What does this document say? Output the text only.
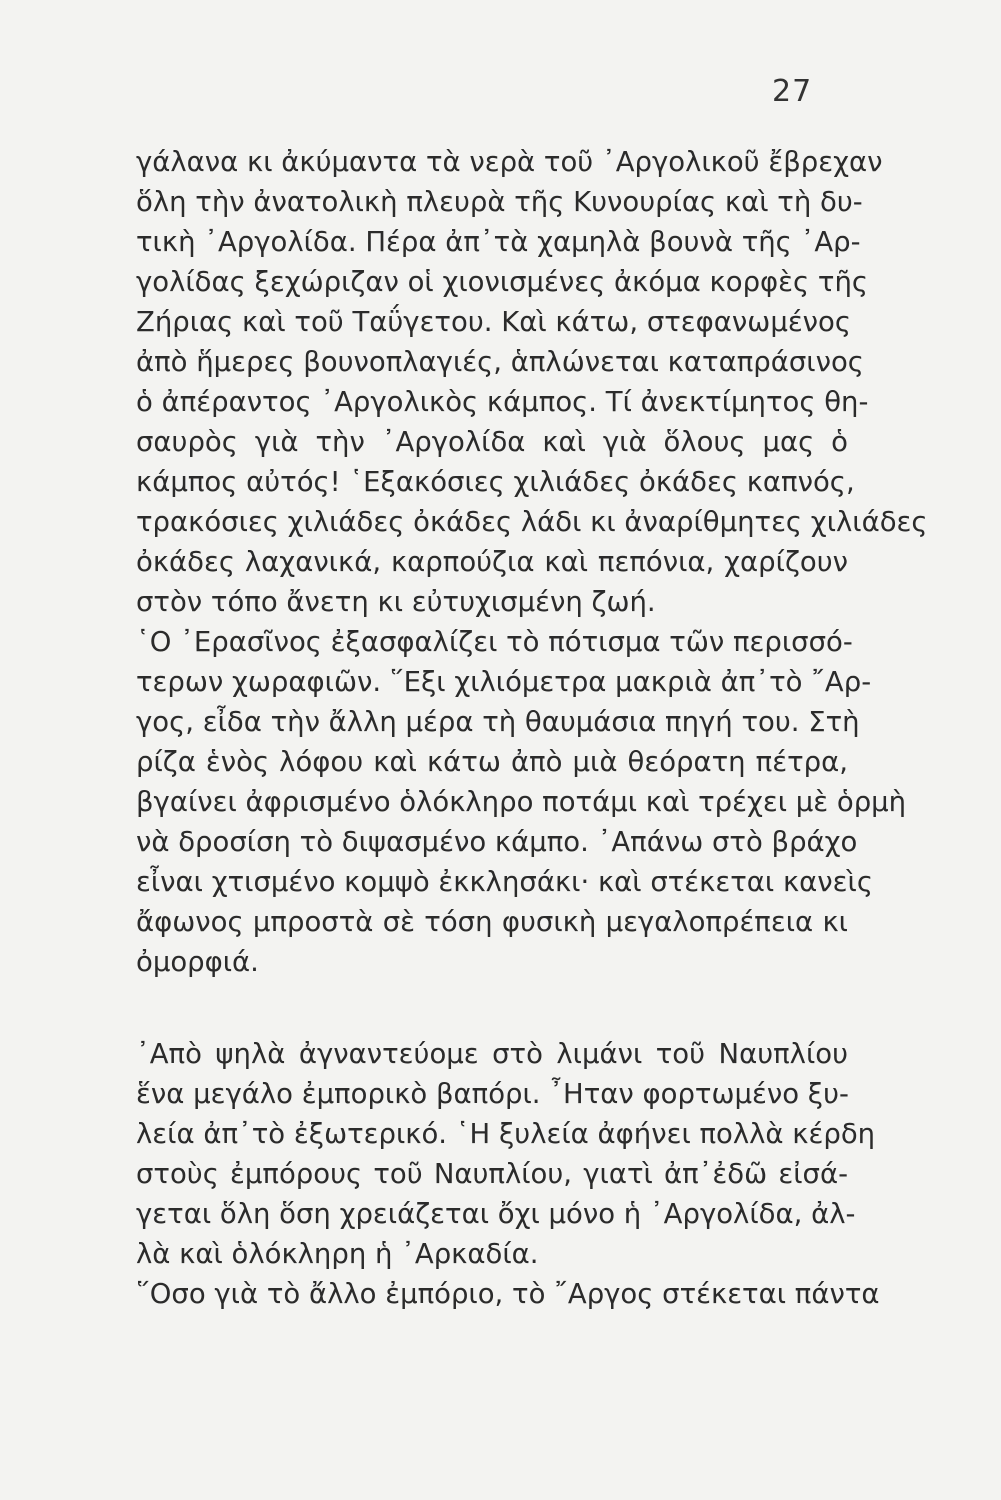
27
γάλανα κι ἀκύμαντα τὰ νερὰ τοῦ ᾿Αργολικοῦ ἔβρεχαν
ὅλη τὴν ἀνατολικὴ πλευρὰ τῆς Κυνουρίας καὶ τὴ δυ-
τικὴ ᾿Αργολίδα. Πέρα ἀπ᾿τὰ χαμηλὰ βουνὰ τῆς ᾿Αρ-
γολίδας ξεχώριζαν οἱ χιονισμένες ἀκόμα κορφὲς τῆς
Ζήριας καὶ τοῦ Ταΰγετου. Καὶ κάτω, στεφανωμένος
ἀπὸ ἥμερες βουνοπλαγιές, ἁπλώνεται καταπράσινος
ὁ ἀπέραντος ᾿Αργολικὸς κάμπος. Τί ἀνεκτίμητος θη-
σαυρὸς γιὰ τὴν ᾿Αργολίδα καὶ γιὰ ὅλους μας ὁ
κάμπος αὐτός! ῾Εξακόσιες χιλιάδες ὀκάδες καπνός,
τρακόσιες χιλιάδες ὀκάδες λάδι κι ἀναρίθμητες χιλιάδες
ὀκάδες λαχανικά, καρπούζια καὶ πεπόνια, χαρίζουν
στὸν τόπο ἄνετη κι εὐτυχισμένη ζωή.
῾Ο ᾿Ερασῖνος ἐξασφαλίζει τὸ πότισμα τῶν περισσό-
τερων χωραφιῶν. ῞Εξι χιλιόμετρα μακριὰ ἀπ᾿τὸ ῎Αρ-
γος, εἶδα τὴν ἄλλη μέρα τὴ θαυμάσια πηγή του. Στὴ
ρίζα ἑνὸς λόφου καὶ κάτω ἀπὸ μιὰ θεόρατη πέτρα,
βγαίνει ἀφρισμένο ὁλόκληρο ποτάμι καὶ τρέχει μὲ ὁρμὴ
νὰ δροσίση τὸ διψασμένο κάμπο. ᾿Απάνω στὸ βράχο
εἶναι χτισμένο κομψὸ ἐκκλησάκι· καὶ στέκεται κανεὶς
ἄφωνος μπροστὰ σὲ τόση φυσικὴ μεγαλοπρέπεια κι
ὀμορφιά.
᾿Απὸ ψηλὰ ἀγναντεύομε στὸ λιμάνι τοῦ Ναυπλίου
ἕνα μεγάλο ἐμπορικὸ βαπόρι. ῏Ηταν φορτωμένο ξυ-
λεία ἀπ᾿τὸ ἐξωτερικό. ῾Η ξυλεία ἀφήνει πολλὰ κέρδη
στοὺς ἐμπόρους τοῦ Ναυπλίου, γιατὶ ἀπ᾿ἐδῶ εἰσά-
γεται ὅλη ὅση χρειάζεται ὄχι μόνο ἡ ᾿Αργολίδα, ἀλ-
λὰ καὶ ὁλόκληρη ἡ ᾿Αρκαδία.
῞Οσο γιὰ τὸ ἄλλο ἐμπόριο, τὸ ῎Αργος στέκεται πάντα
